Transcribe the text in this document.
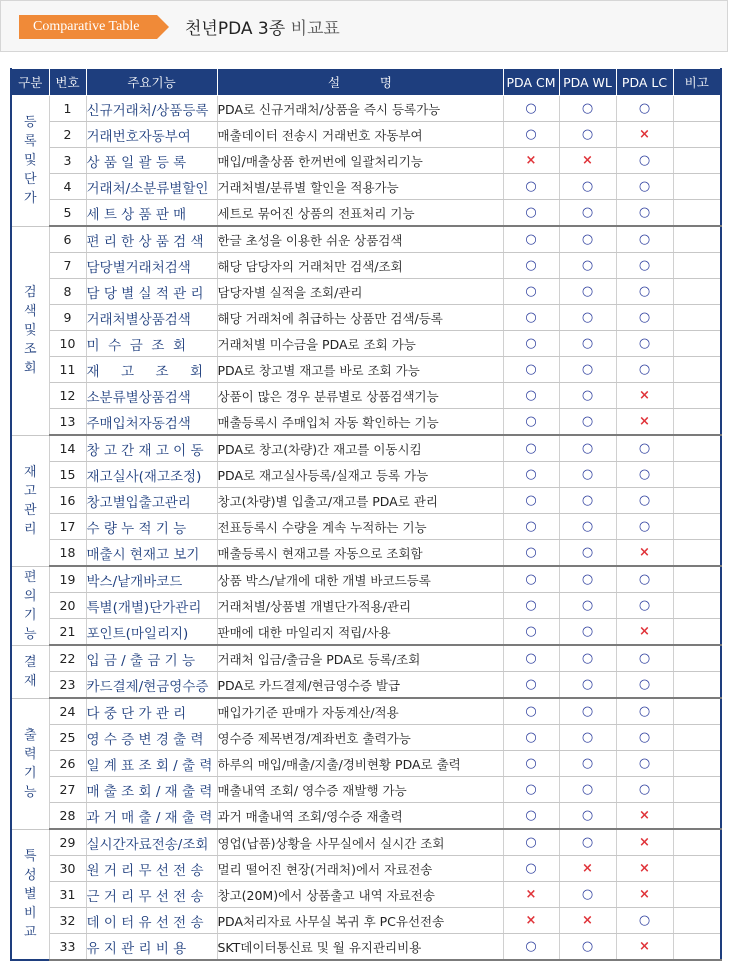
Comparative Table	천년PDA 3종 비교표
구분	번호	주요기능	설          명	PDA CM	PDA WL	PDA LC	비고

등
록
및
단
가	1	신규거래처/상품등록	PDA로 신규거래처/상품을 즉시 등록가능	○	○	○	
	2	거래번호자동부여	매출데이터 전송시 거래번호 자동부여	○	○	×	
	3	상 품 일 괄 등 록	매입/매출상품 한꺼번에 일괄처리기능	×	×	○	
	4	거래처/소분류별할인	거래처별/분류별 할인을 적용가능	○	○	○	
	5	세 트 상 품 판 매	세트로 묶어진 상품의 전표처리 기능	○	○	○	

검
색
및
조
회	6	편 리 한 상 품 검 색	한글 초성을 이용한 쉬운 상품검색	○	○	○	
	7	담당별거래처검색	해당 담당자의 거래처만 검색/조회	○	○	○	
	8	담 당 별 실 적 관 리	담당자별 실적을 조회/관리	○	○	○	
	9	거래처별상품검색	해당 거래처에 취급하는 상품만 검색/등록	○	○	○	
	10	미  수  금  조  회	거래처별 미수금을 PDA로 조회 가능	○	○	○	
	11	재     고     조     회	PDA로 창고별 재고를 바로 조회 가능	○	○	○	
	12	소분류별상품검색	상품이 많은 경우 분류별로 상품검색기능	○	○	×	
	13	주매입처자동검색	매출등록시 주매입처 자동 확인하는 기능	○	○	×	

재
고
관
리	14	창 고 간 재 고 이 동	PDA로 창고(차량)간 재고를 이동시킴	○	○	○	
	15	재고실사(재고조정)	PDA로 재고실사등록/실재고 등록 가능	○	○	○	
	16	창고별입출고관리	창고(차량)별 입출고/재고를 PDA로 관리	○	○	○	
	17	수 량 누 적 기 능	전표등록시 수량을 계속 누적하는 기능	○	○	○	
	18	매출시 현재고 보기	매출등록시 현재고를 자동으로 조회함	○	○	×	

편
의
기
능	19	박스/낱개바코드	상품 박스/낱개에 대한 개별 바코드등록	○	○	○	
	20	특별(개별)단가관리	거래처별/상품별 개별단가적용/관리	○	○	○	
	21	포인트(마일리지)	판매에 대한 마일리지 적립/사용	○	○	×	

결
재	22	입 금 / 출 금 기 능	거래처 입금/출금을 PDA로 등록/조회	○	○	○	
	23	카드결제/현금영수증	PDA로 카드결제/현금영수증 발급	○	○	○	

출
력
기
능	24	다 중 단 가 관 리	매입가기준 판매가 자동계산/적용	○	○	○	
	25	영 수 증 변 경 출 력	영수증 제목변경/계좌번호 출력가능	○	○	○	
	26	일 계 표 조 회 / 출 력	하루의 매입/매출/지출/경비현황 PDA로 출력	○	○	○	
	27	매 출 조 회 / 재 출 력	매출내역 조회/ 영수증 재발행 가능	○	○	○	
	28	과 거 매 출 / 재 출 력	과거 매출내역 조회/영수증 재출력	○	○	×	

특
성
별
비
교	29	실시간자료전송/조회	영업(납품)상황을 사무실에서 실시간 조회	○	○	×	
	30	원 거 리 무 선 전 송	멀리 떨어진 현장(거래처)에서 자료전송	○	×	×	
	31	근 거 리 무 선 전 송	창고(20M)에서 상품출고 내역 자료전송	×	○	×	
	32	데 이 터 유 선 전 송	PDA처리자료 사무실 복귀 후 PC유선전송	×	×	○	
	33	유 지 관 리 비 용	SKT데이터통신료 및 월 유지관리비용	○	○	×	
